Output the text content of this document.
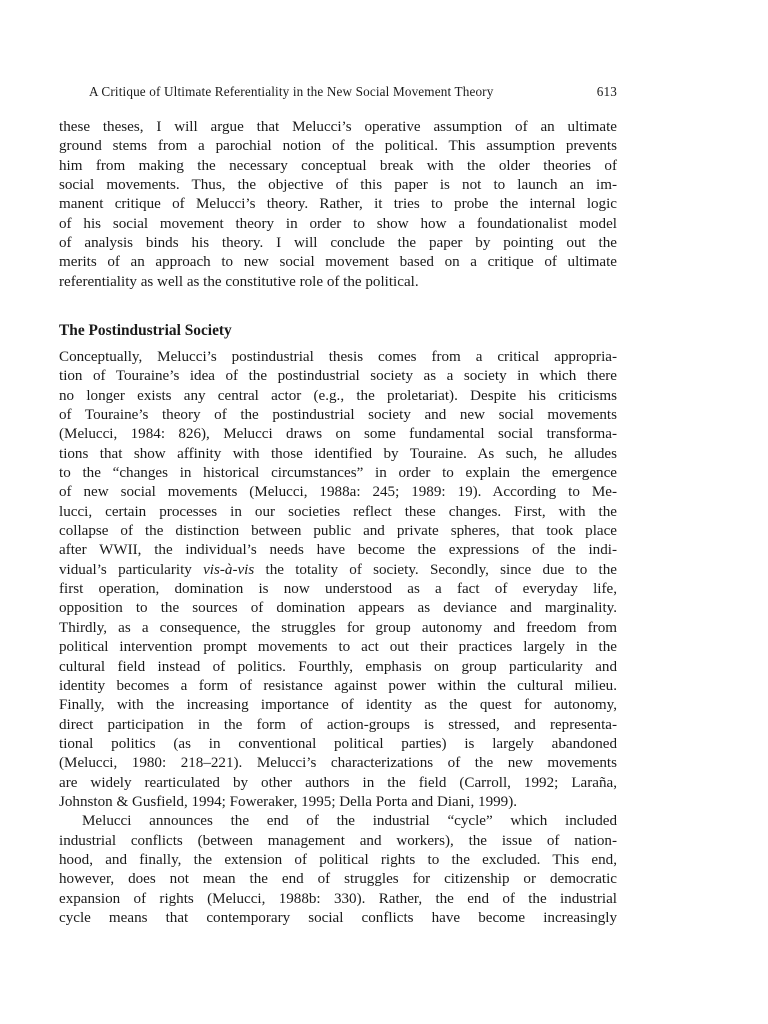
A Critique of Ultimate Referentiality in the New Social Movement Theory	613
these theses, I will argue that Melucci’s operative assumption of an ultimate
ground stems from a parochial notion of the political. This assumption prevents
him from making the necessary conceptual break with the older theories of
social movements. Thus, the objective of this paper is not to launch an im-
manent critique of Melucci’s theory. Rather, it tries to probe the internal logic
of his social movement theory in order to show how a foundationalist model
of analysis binds his theory. I will conclude the paper by pointing out the
merits of an approach to new social movement based on a critique of ultimate
referentiality as well as the constitutive role of the political.
The Postindustrial Society
Conceptually, Melucci’s postindustrial thesis comes from a critical appropria-
tion of Touraine’s idea of the postindustrial society as a society in which there
no longer exists any central actor (e.g., the proletariat). Despite his criticisms
of Touraine’s theory of the postindustrial society and new social movements
(Melucci, 1984: 826), Melucci draws on some fundamental social transforma-
tions that show affinity with those identified by Touraine. As such, he alludes
to the “changes in historical circumstances” in order to explain the emergence
of new social movements (Melucci, 1988a: 245; 1989: 19). According to Me-
lucci, certain processes in our societies reflect these changes. First, with the
collapse of the distinction between public and private spheres, that took place
after WWII, the individual’s needs have become the expressions of the indi-
vidual’s particularity vis-à-vis the totality of society. Secondly, since due to the
first operation, domination is now understood as a fact of everyday life,
opposition to the sources of domination appears as deviance and marginality.
Thirdly, as a consequence, the struggles for group autonomy and freedom from
political intervention prompt movements to act out their practices largely in the
cultural field instead of politics. Fourthly, emphasis on group particularity and
identity becomes a form of resistance against power within the cultural milieu.
Finally, with the increasing importance of identity as the quest for autonomy,
direct participation in the form of action-groups is stressed, and representa-
tional politics (as in conventional political parties) is largely abandoned
(Melucci, 1980: 218–221). Melucci’s characterizations of the new movements
are widely rearticulated by other authors in the field (Carroll, 1992; Laraña,
Johnston & Gusfield, 1994; Foweraker, 1995; Della Porta and Diani, 1999).
Melucci announces the end of the industrial “cycle” which included
industrial conflicts (between management and workers), the issue of nation-
hood, and finally, the extension of political rights to the excluded. This end,
however, does not mean the end of struggles for citizenship or democratic
expansion of rights (Melucci, 1988b: 330). Rather, the end of the industrial
cycle means that contemporary social conflicts have become increasingly
